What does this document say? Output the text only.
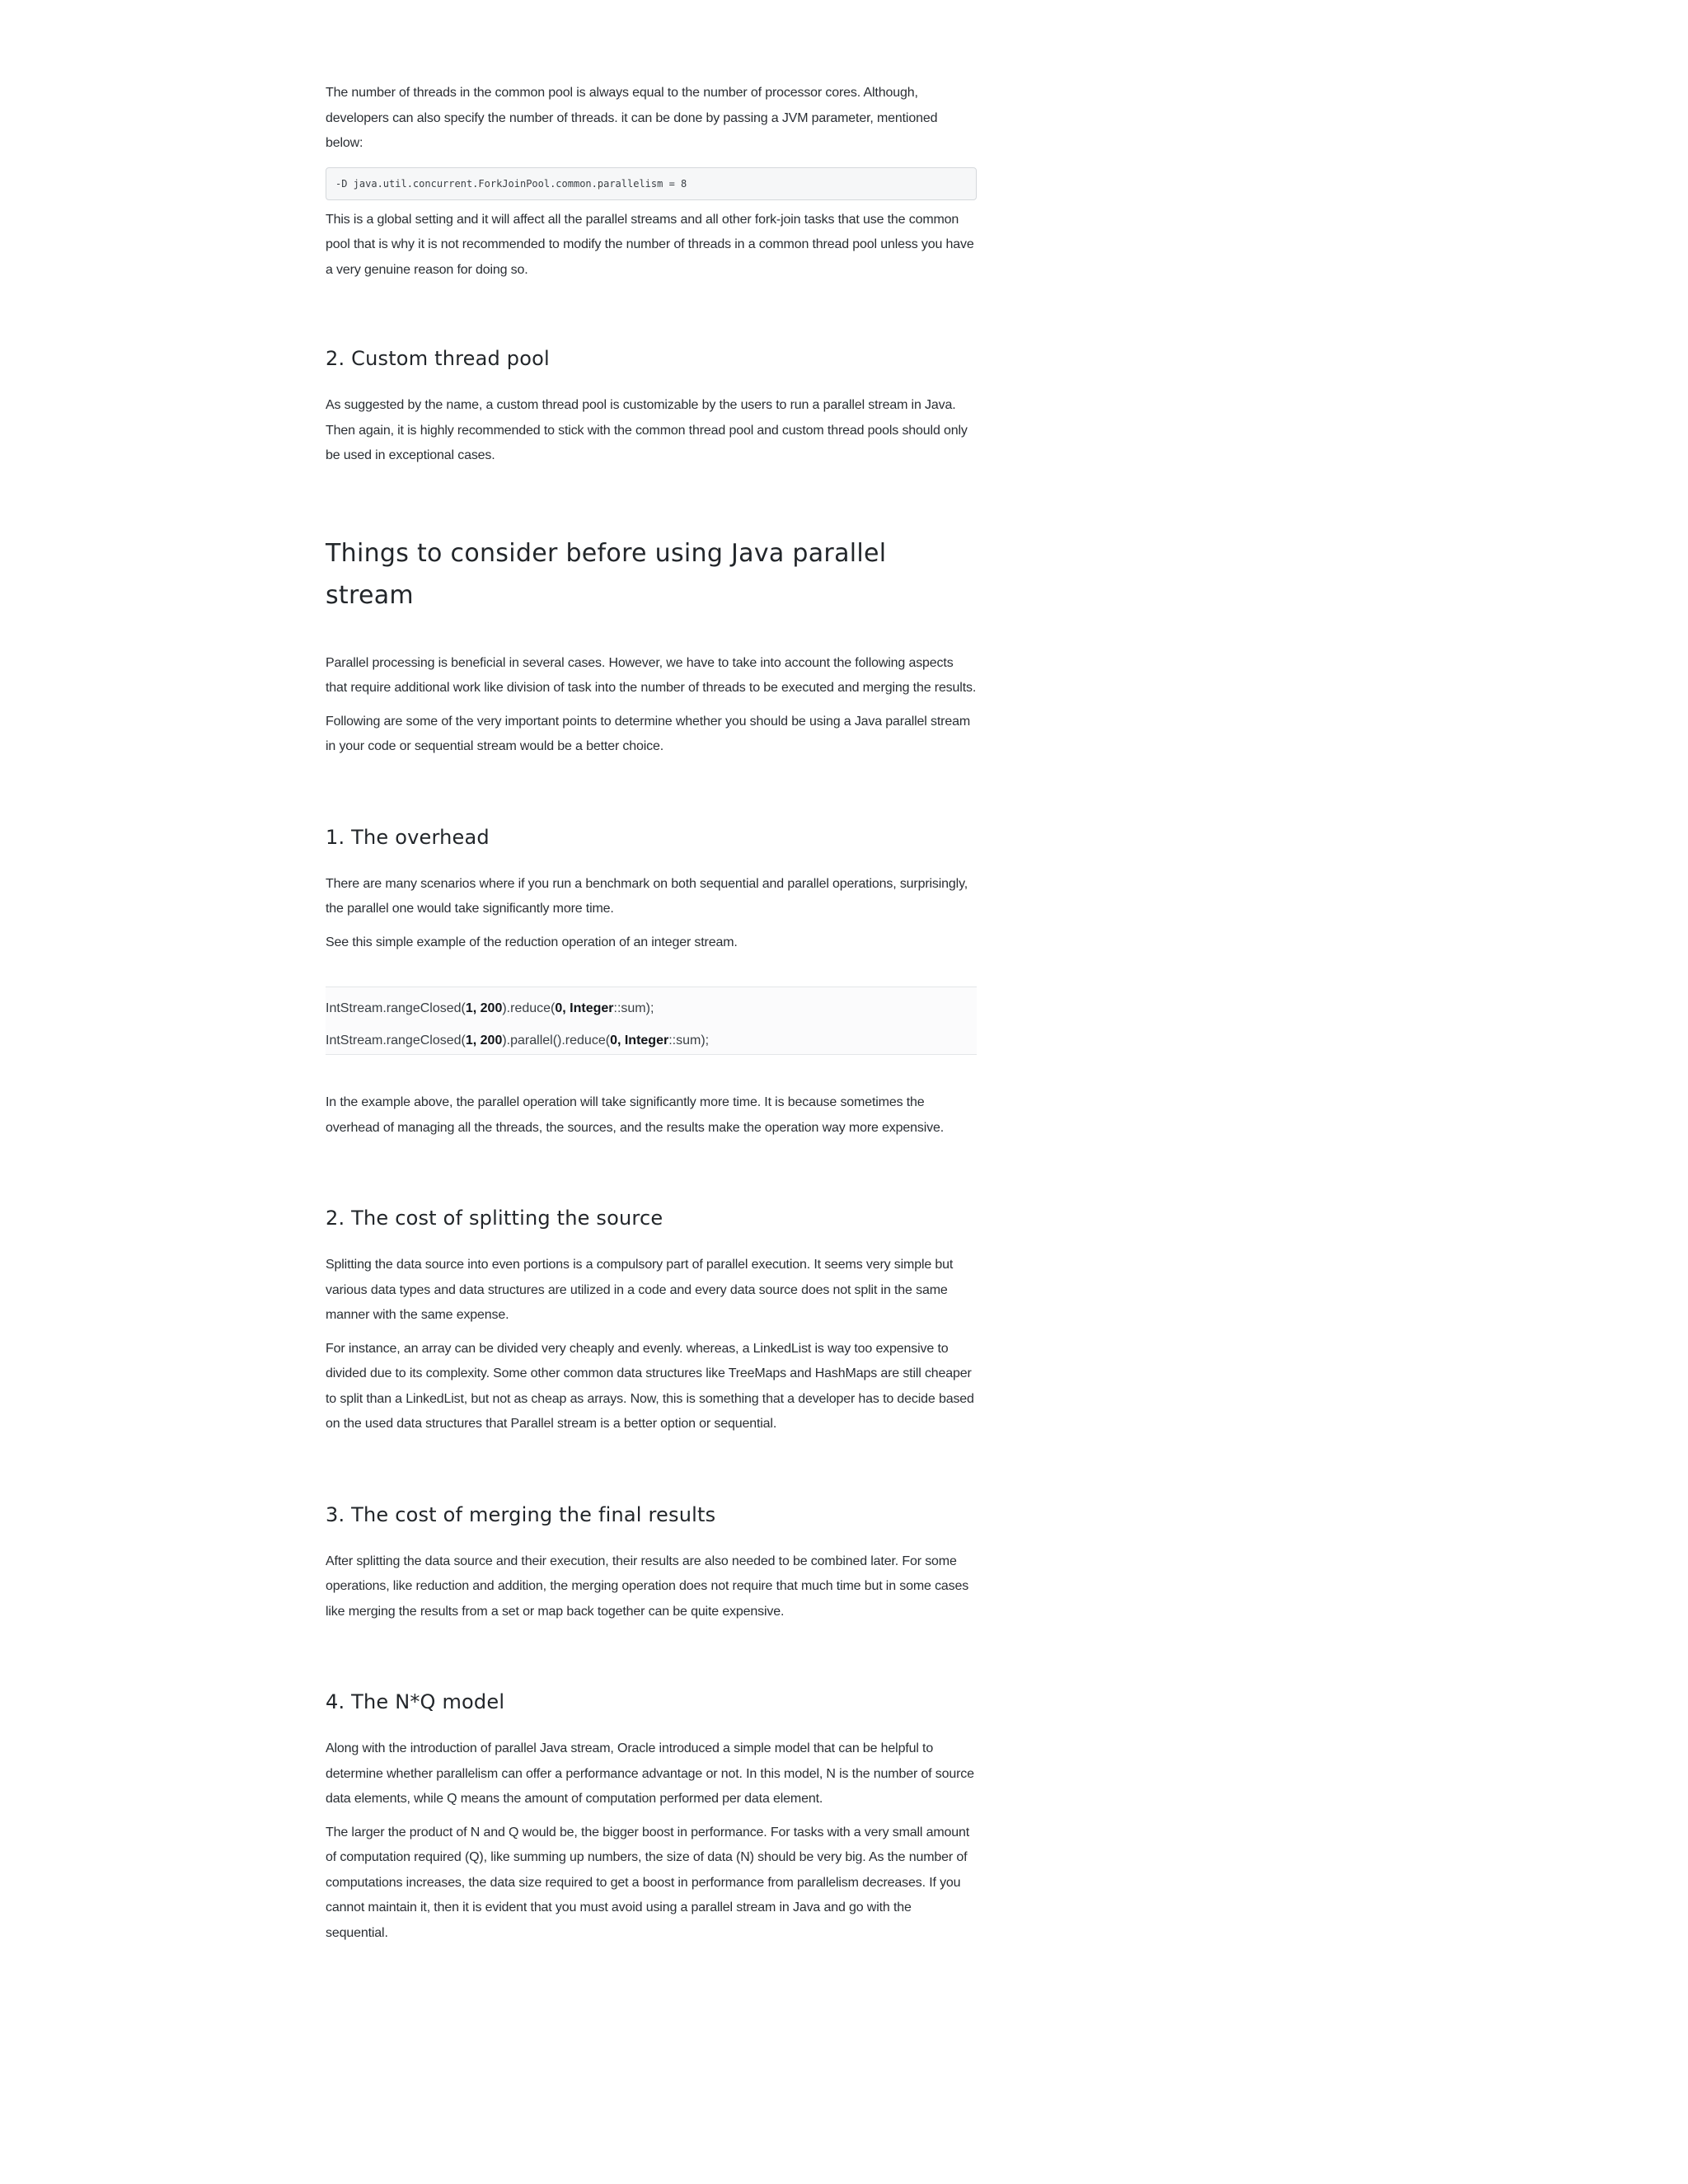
The number of threads in the common pool is always equal to the number of processor cores. Although, developers can also specify the number of threads. it can be done by passing a JVM parameter, mentioned below:

-D java.util.concurrent.ForkJoinPool.common.parallelism = 8

This is a global setting and it will affect all the parallel streams and all other fork-join tasks that use the common pool that is why it is not recommended to modify the number of threads in a common thread pool unless you have a very genuine reason for doing so.

2. Custom thread pool

As suggested by the name, a custom thread pool is customizable by the users to run a parallel stream in Java. Then again, it is highly recommended to stick with the common thread pool and custom thread pools should only be used in exceptional cases.

Things to consider before using Java parallel stream

Parallel processing is beneficial in several cases. However, we have to take into account the following aspects that require additional work like division of task into the number of threads to be executed and merging the results.

Following are some of the very important points to determine whether you should be using a Java parallel stream in your code or sequential stream would be a better choice.

1. The overhead

There are many scenarios where if you run a benchmark on both sequential and parallel operations, surprisingly, the parallel one would take significantly more time.

See this simple example of the reduction operation of an integer stream.

IntStream.rangeClosed(1, 200).reduce(0, Integer::sum);
IntStream.rangeClosed(1, 200).parallel().reduce(0, Integer::sum);

In the example above, the parallel operation will take significantly more time. It is because sometimes the overhead of managing all the threads, the sources, and the results make the operation way more expensive.

2. The cost of splitting the source

Splitting the data source into even portions is a compulsory part of parallel execution. It seems very simple but various data types and data structures are utilized in a code and every data source does not split in the same manner with the same expense.

For instance, an array can be divided very cheaply and evenly. whereas, a LinkedList is way too expensive to divided due to its complexity. Some other common data structures like TreeMaps and HashMaps are still cheaper to split than a LinkedList, but not as cheap as arrays. Now, this is something that a developer has to decide based on the used data structures that Parallel stream is a better option or sequential.

3. The cost of merging the final results

After splitting the data source and their execution, their results are also needed to be combined later. For some operations, like reduction and addition, the merging operation does not require that much time but in some cases like merging the results from a set or map back together can be quite expensive.

4. The N*Q model

Along with the introduction of parallel Java stream, Oracle introduced a simple model that can be helpful to determine whether parallelism can offer a performance advantage or not. In this model, N is the number of source data elements, while Q means the amount of computation performed per data element.

The larger the product of N and Q would be, the bigger boost in performance. For tasks with a very small amount of computation required (Q), like summing up numbers, the size of data (N) should be very big. As the number of computations increases, the data size required to get a boost in performance from parallelism decreases. If you cannot maintain it, then it is evident that you must avoid using a parallel stream in Java and go with the sequential.
